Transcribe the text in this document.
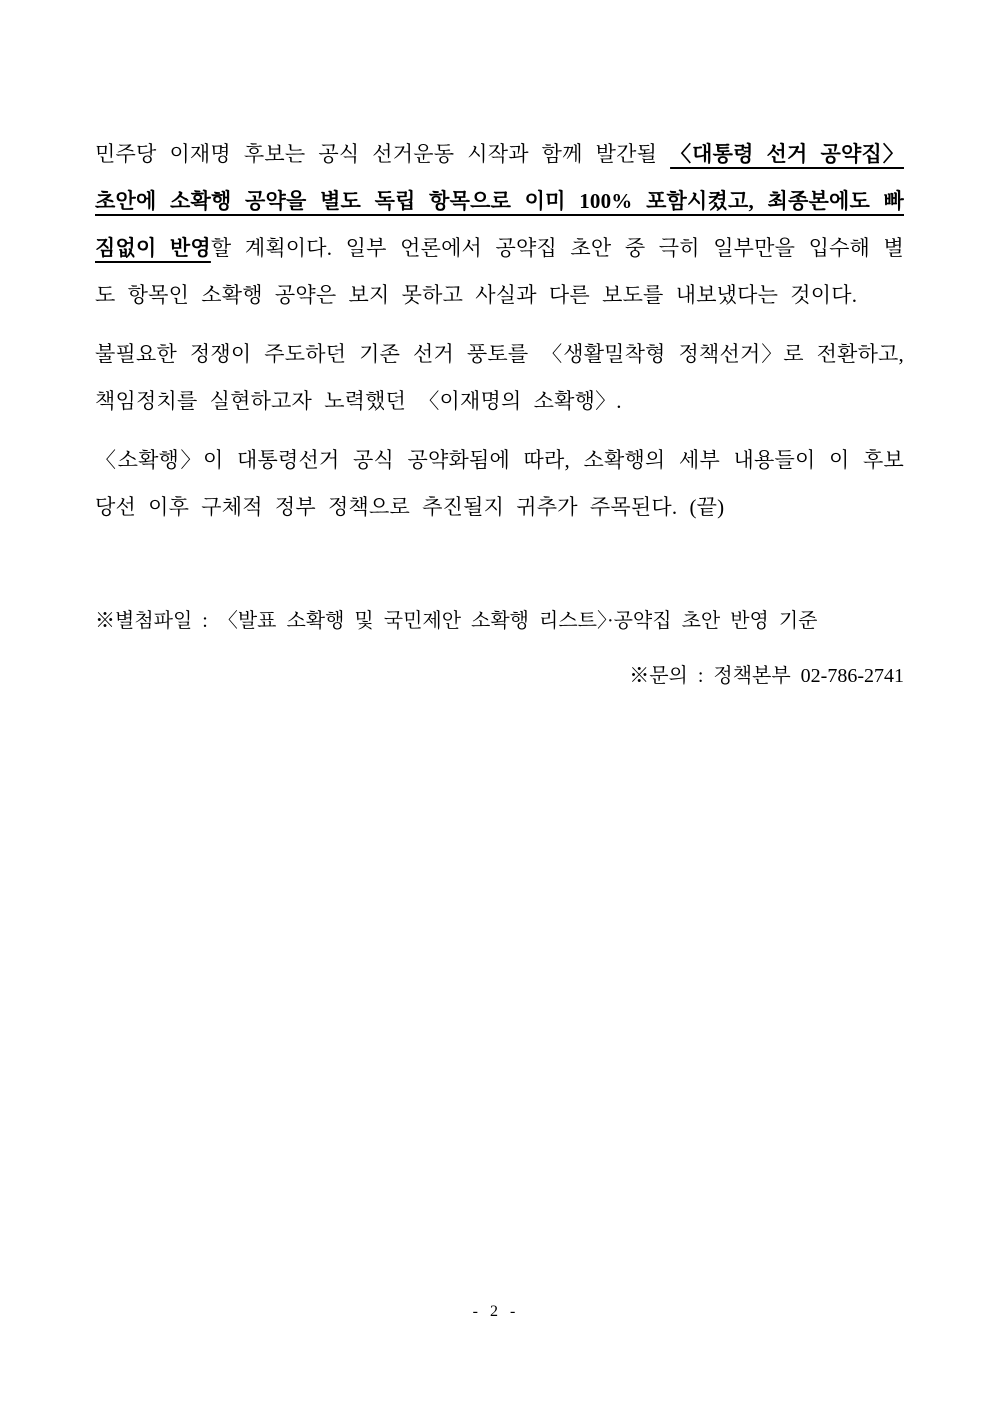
민주당 이재명 후보는 공식 선거운동 시작과 함께 발간될 〈대통령 선거 공약집〉 초안에 소확행 공약을 별도 독립 항목으로 이미 100% 포함시켰고, 최종본에도 빠짐없이 반영할 계획이다. 일부 언론에서 공약집 초안 중 극히 일부만을 입수해 별도 항목인 소확행 공약은 보지 못하고 사실과 다른 보도를 내보냈다는 것이다.

불필요한 정쟁이 주도하던 기존 선거 풍토를 〈생활밀착형 정책선거〉로 전환하고, 책임정치를 실현하고자 노력했던 〈이재명의 소확행〉.

〈소확행〉이 대통령선거 공식 공약화됨에 따라, 소확행의 세부 내용들이 이 후보 당선 이후 구체적 정부 정책으로 추진될지 귀추가 주목된다. (끝)

※별첨파일 : 〈발표 소확행 및 국민제안 소확행 리스트〉·공약집 초안 반영 기준

※문의 : 정책본부 02-786-2741

- 2 -
